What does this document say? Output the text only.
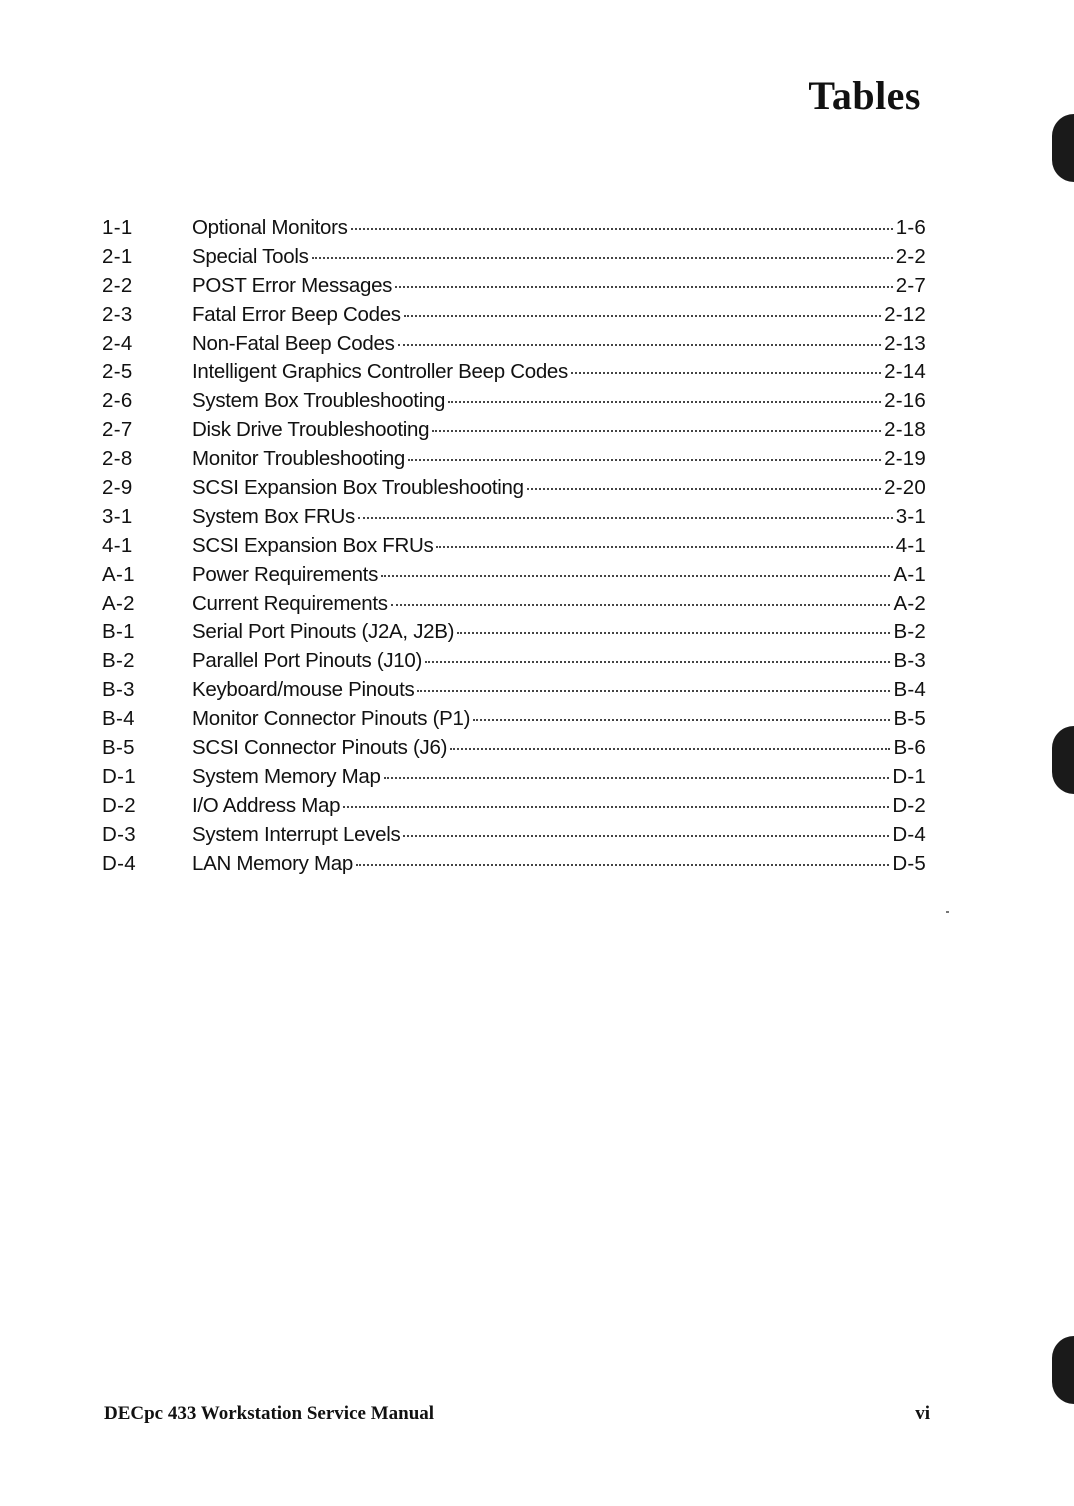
Tables
1-1	Optional Monitors	1-6
2-1	Special Tools	2-2
2-2	POST Error Messages	2-7
2-3	Fatal Error Beep Codes	2-12
2-4	Non-Fatal Beep Codes	2-13
2-5	Intelligent Graphics Controller Beep Codes	2-14
2-6	System Box Troubleshooting	2-16
2-7	Disk Drive Troubleshooting	2-18
2-8	Monitor Troubleshooting	2-19
2-9	SCSI Expansion Box Troubleshooting	2-20
3-1	System Box FRUs	3-1
4-1	SCSI Expansion Box FRUs	4-1
A-1	Power Requirements	A-1
A-2	Current Requirements	A-2
B-1	Serial Port Pinouts (J2A, J2B)	B-2
B-2	Parallel Port Pinouts (J10)	B-3
B-3	Keyboard/mouse Pinouts	B-4
B-4	Monitor Connector Pinouts (P1)	B-5
B-5	SCSI Connector Pinouts (J6)	B-6
D-1	System Memory Map	D-1
D-2	I/O Address Map	D-2
D-3	System Interrupt Levels	D-4
D-4	LAN Memory Map	D-5
DECpc 433 Workstation Service Manual	vi
